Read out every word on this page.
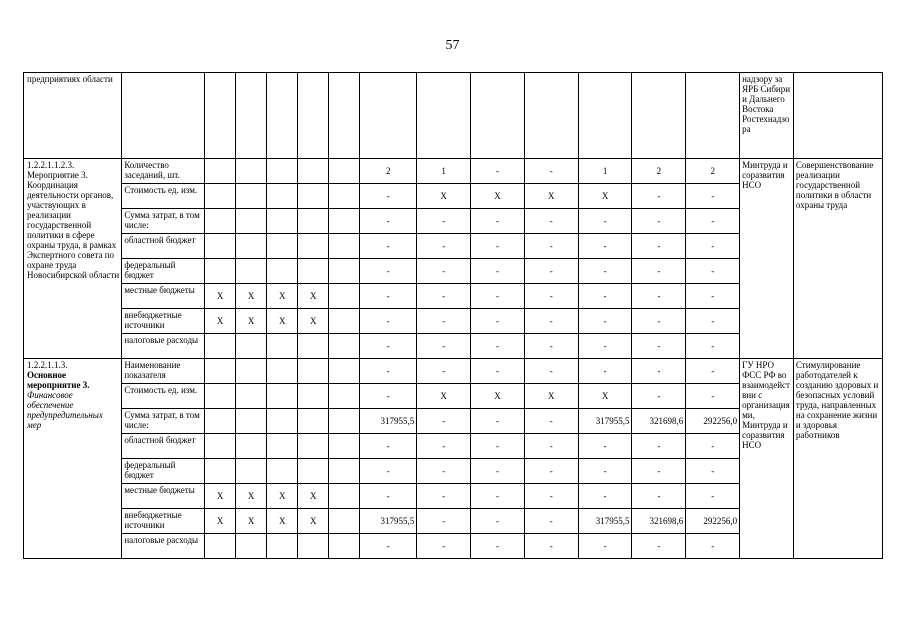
57
предприятиях области														надзору за ЯРБ Сибири и Дальнего Востока Ростехнадзора	

1.2.2.1.1.2.3.
Мероприятие 3.
Координация деятельности органов, участвующих в реализации государственной политики в сфере охраны труда, в рамках Экспертного совета по охране труда Новосибирской области	Количество заседаний, шт.						2	1	-	-	1	2	2	Минтруда и соразвития НСО	Совершенствование реализации государственной политики в области охраны труда
	Стоимость ед. изм.						-	X	X	X	X	-	-		
	Сумма затрат, в том числе:						-	-	-	-	-	-	-		
	областной бюджет						-	-	-	-	-	-	-		
	федеральный бюджет						-	-	-	-	-	-	-		
	местные бюджеты	X	X	X	X		-	-	-	-	-	-	-		
	внебюджетные источники	X	X	X	X		-	-	-	-	-	-	-		
	налоговые расходы						-	-	-	-	-	-	-		

1.2.2.1.1.3.
Основное мероприятие 3.
Финансовое обеспечение предупредительных мер	Наименование показателя						-	-	-	-	-	-	-	ГУ НРО ФСС РФ во взаимодействии с организациями, Минтруда и соразвития НСО	Стимулирование работодателей к созданию здоровых и безопасных условий труда, направленных на сохранение жизни и здоровья работников
	Стоимость ед. изм.						-	X	X	X	X	-	-		
	Сумма затрат, в том числе:						317955,5	-	-	-	317955,5	321698,6	292256,0		
	областной бюджет						-	-	-	-	-	-	-		
	федеральный бюджет						-	-	-	-	-	-	-		
	местные бюджеты	X	X	X	X		-	-	-	-	-	-	-		
	внебюджетные источники	X	X	X	X		317955,5	-	-	-	317955,5	321698,6	292256,0		
	налоговые расходы						-	-	-	-	-	-	-		
